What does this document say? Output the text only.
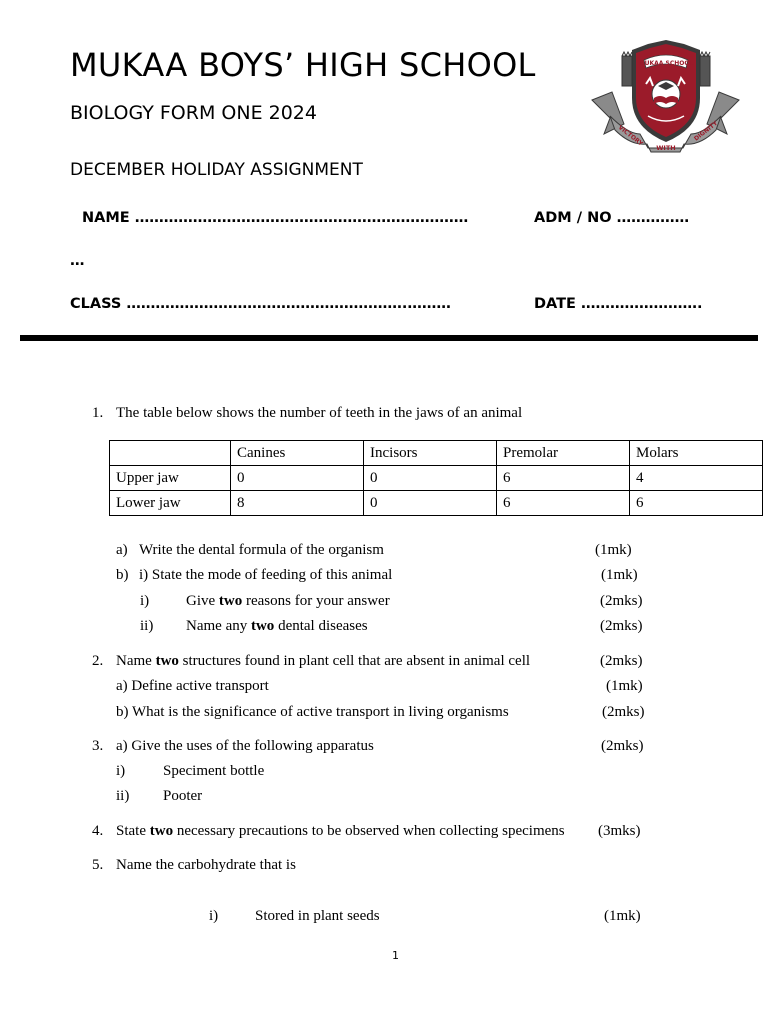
MUKAA BOYS’ HIGH SCHOOL
BIOLOGY FORM ONE 2024
DECEMBER HOLIDAY ASSIGNMENT
NAME ……………………………………………………………	ADM / NO ……………
…
CLASS ………………………………………………….………	DATE …………………….
MUKAA SCHOOL
VICTORY
WITH
DIGNITY
1. The table below shows the number of teeth in the jaws of an animal
	Canines	Incisors	Premolar	Molars
Upper jaw	0	0	6	4
Lower jaw	8	0	6	6
a) Write the dental formula of the organism	(1mk)
b) i) State the mode of feeding of this animal	(1mk)
i) Give two reasons for your answer	(2mks)
ii) Name any two dental diseases	(2mks)
2. Name two structures found in plant cell that are absent in animal cell	(2mks)
a) Define active transport	(1mk)
b) What is the significance of active transport in living organisms	(2mks)
3. a) Give the uses of the following apparatus	(2mks)
i)	Speciment bottle
ii) Pooter
4. State two necessary precautions to be observed when collecting specimens (3mks)
5. Name the carbohydrate that is
i) Stored in plant seeds	(1mk)
1
